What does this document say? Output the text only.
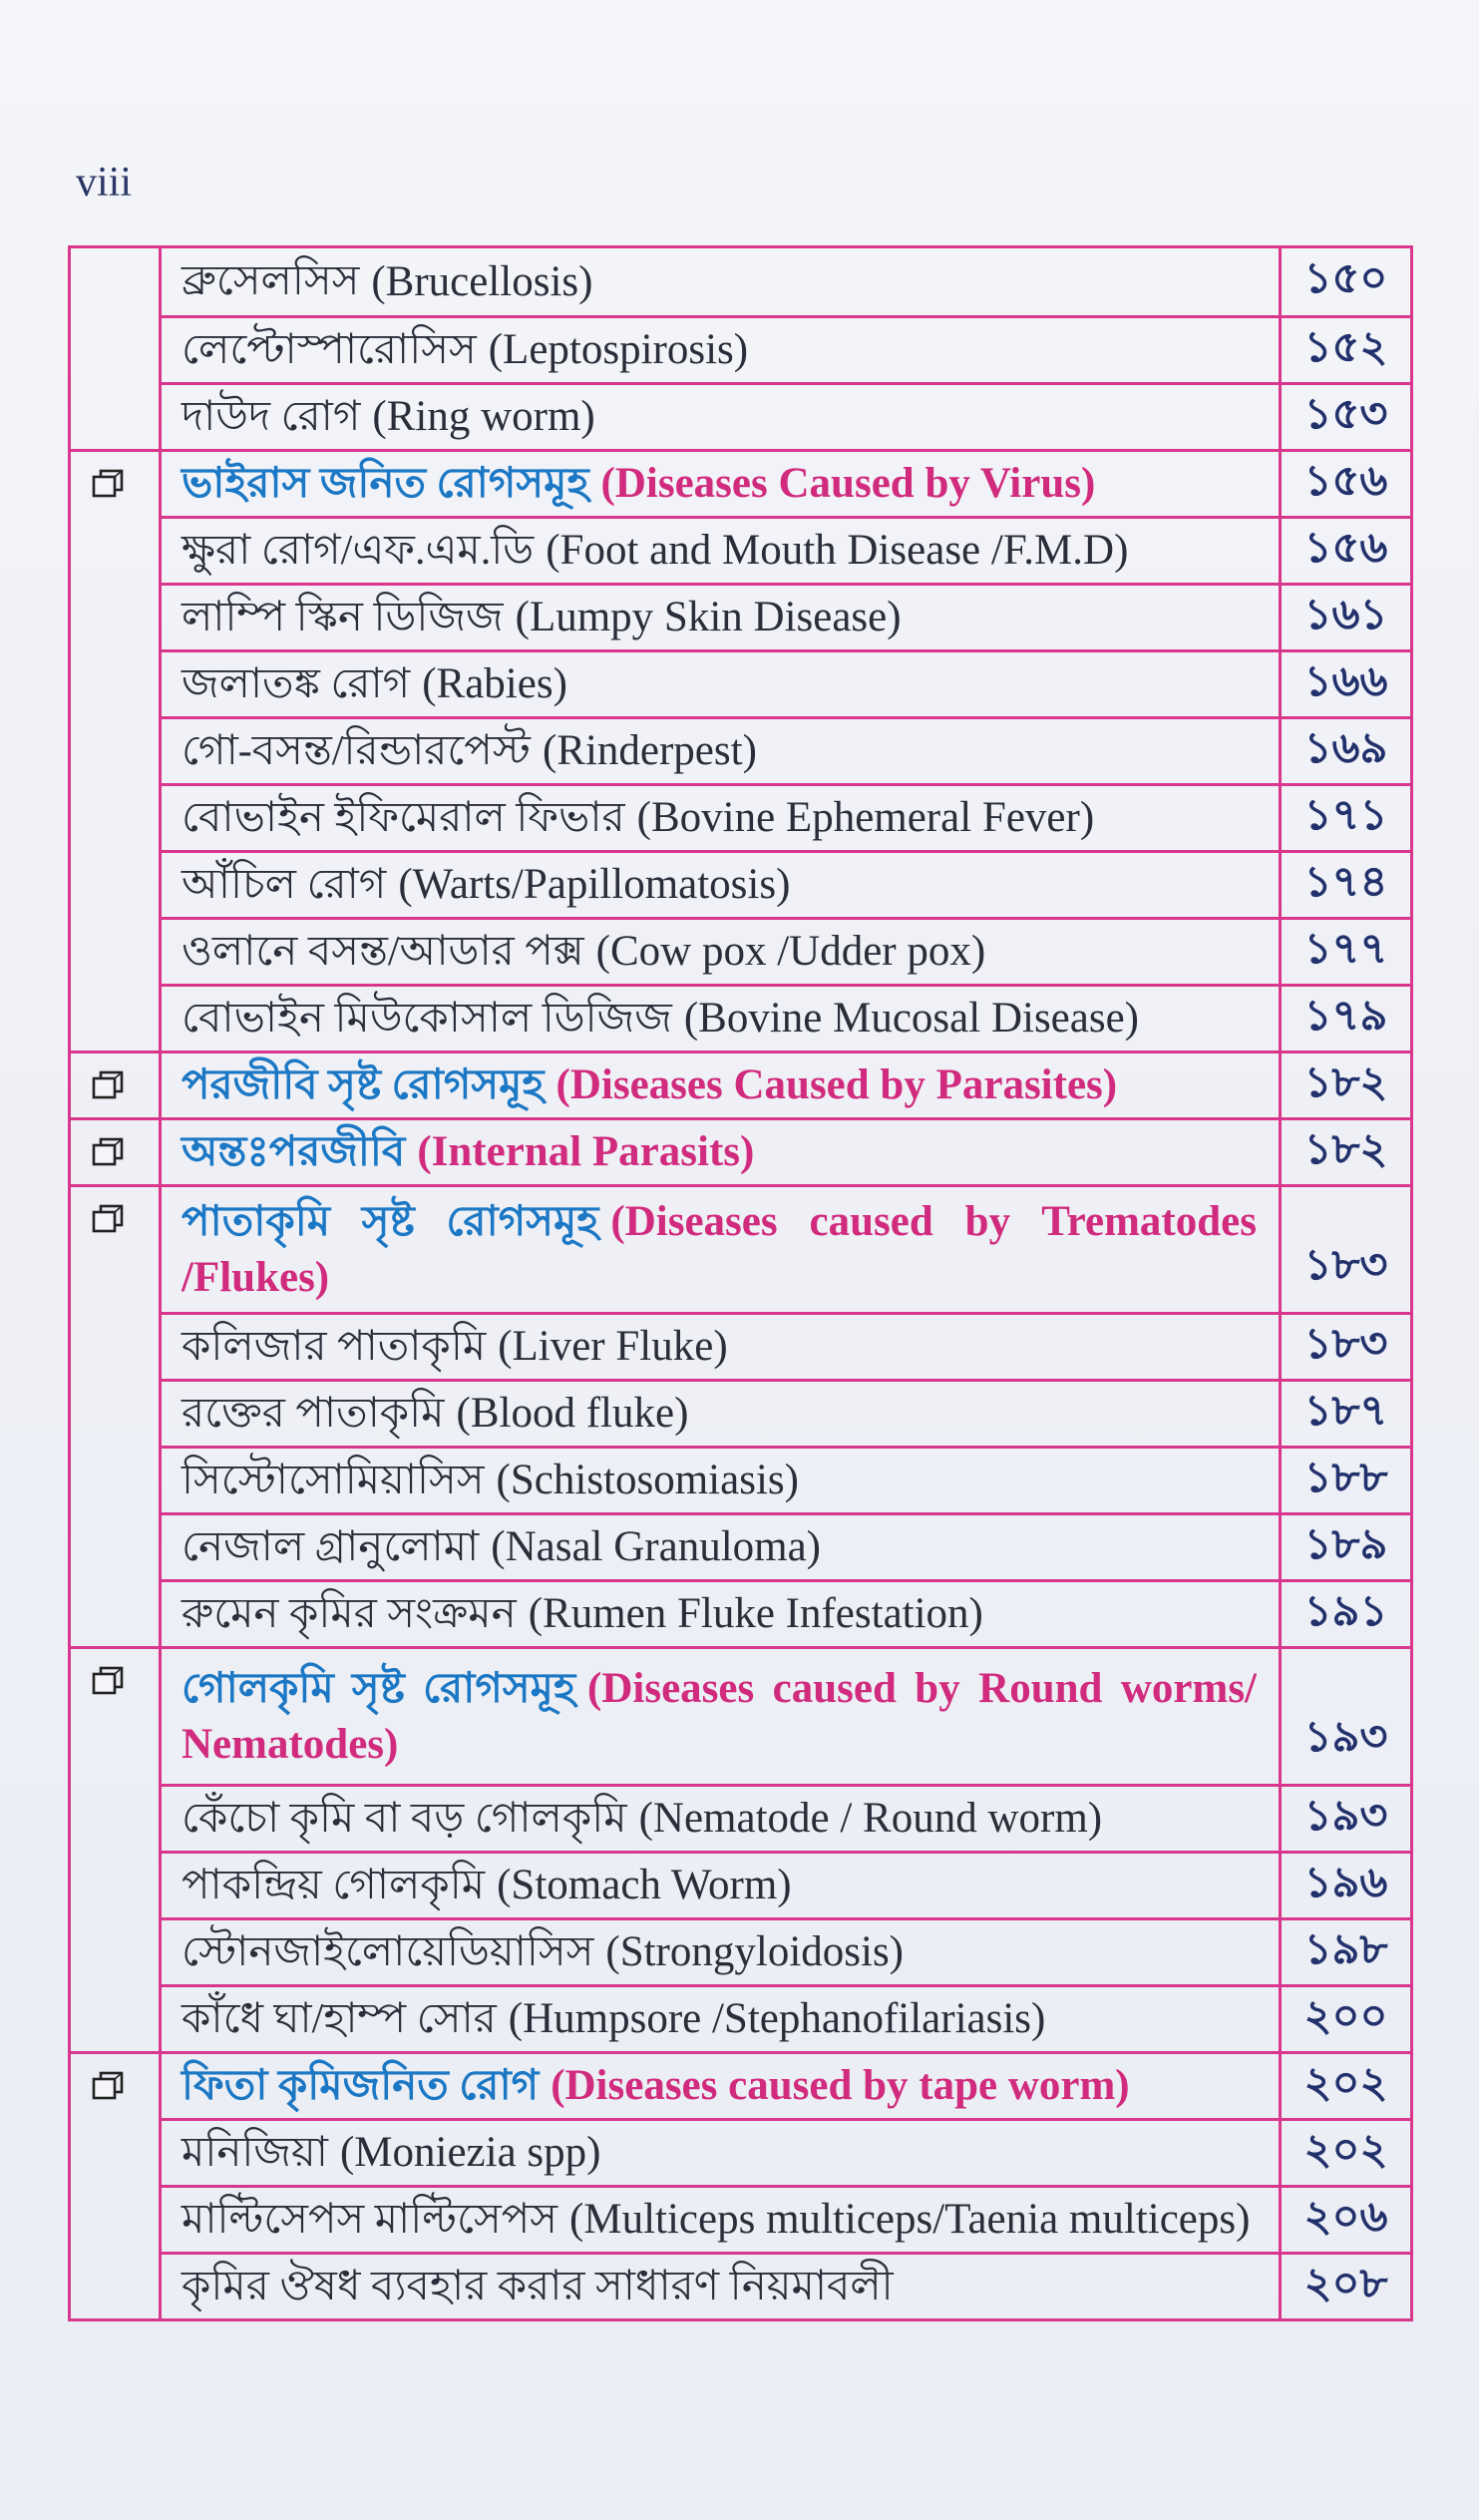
viii
ব্রুসেলসিস (Brucellosis)	১৫০
লেপ্টোস্পারোসিস (Leptospirosis)	১৫২
দাউদ রোগ (Ring worm)	১৫৩
ভাইরাস জনিত রোগসমূহ (Diseases Caused by Virus)	১৫৬
ক্ষুরা রোগ/এফ.এম.ডি (Foot and Mouth Disease /F.M.D)	১৫৬
লাম্পি স্কিন ডিজিজ (Lumpy Skin Disease)	১৬১
জলাতঙ্ক রোগ (Rabies)	১৬৬
গো-বসন্ত/রিন্ডারপেস্ট (Rinderpest)	১৬৯
বোভাইন ইফিমেরাল ফিভার (Bovine Ephemeral Fever)	১৭১
আঁচিল রোগ (Warts/Papillomatosis)	১৭৪
ওলানে বসন্ত/আডার পক্স (Cow pox /Udder pox)	১৭৭
বোভাইন মিউকোসাল ডিজিজ (Bovine Mucosal Disease)	১৭৯
পরজীবি সৃষ্ট রোগসমূহ (Diseases Caused by Parasites)	১৮২
অন্তঃপরজীবি (Internal Parasits)	১৮২
পাতাকৃমি সৃষ্ট রোগসমূহ (Diseases caused by Trematodes
/Flukes)	১৮৩
কলিজার পাতাকৃমি (Liver Fluke)	১৮৩
রক্তের পাতাকৃমি (Blood fluke)	১৮৭
সিস্টোসোমিয়াসিস (Schistosomiasis)	১৮৮
নেজাল গ্রানুলোমা (Nasal Granuloma)	১৮৯
রুমেন কৃমির সংক্রমন (Rumen Fluke Infestation)	১৯১
গোলকৃমি সৃষ্ট রোগসমূহ (Diseases caused by Round worms/
Nematodes)	১৯৩
কেঁচো কৃমি বা বড় গোলকৃমি (Nematode / Round worm)	১৯৩
পাকন্দ্রিয় গোলকৃমি (Stomach Worm)	১৯৬
স্টোনজাইলোয়েডিয়াসিস (Strongyloidosis)	১৯৮
কাঁধে ঘা/হাম্প সোর (Humpsore /Stephanofilariasis)	২০০
ফিতা কৃমিজনিত রোগ (Diseases caused by tape worm)	২০২
মনিজিয়া (Moniezia spp)	২০২
মাল্টিসেপস মাল্টিসেপস (Multiceps multiceps/Taenia multiceps)	২০৬
কৃমির ঔষধ ব্যবহার করার সাধারণ নিয়মাবলী	২০৮
